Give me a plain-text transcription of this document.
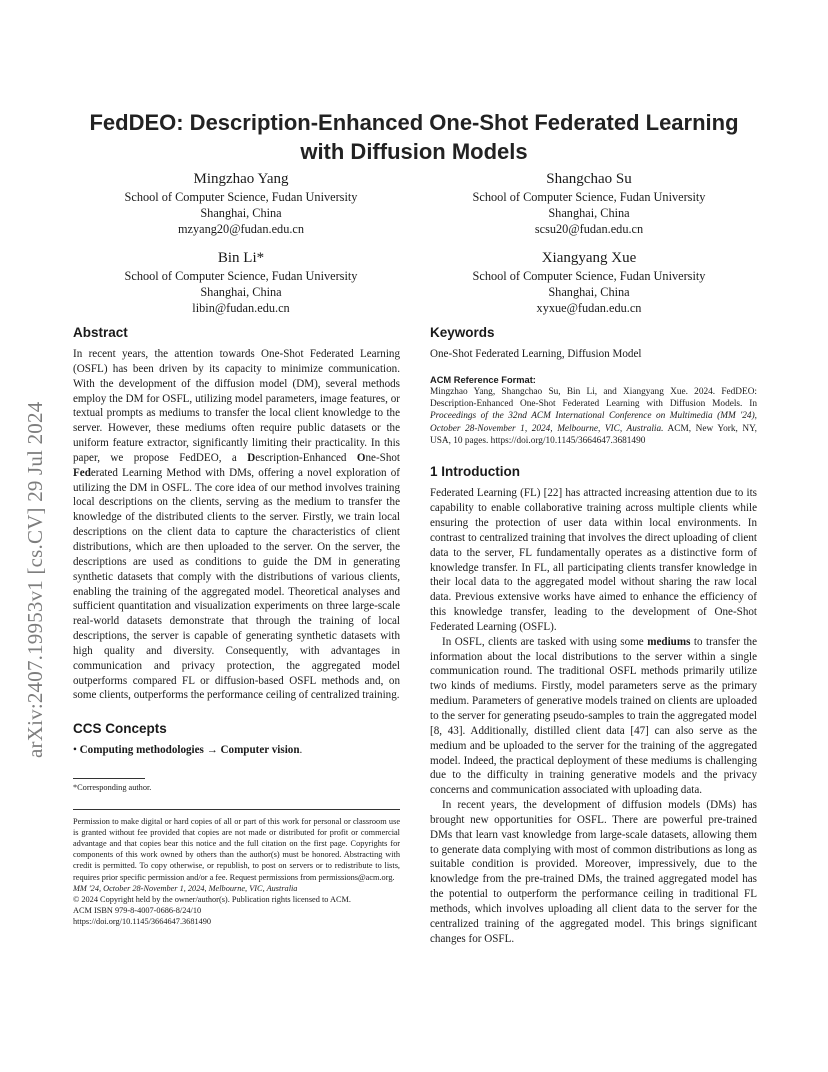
arXiv:2407.19953v1 [cs.CV] 29 Jul 2024
FedDEO: Description-Enhanced One-Shot Federated Learning
with Diffusion Models
Mingzhao Yang
School of Computer Science, Fudan University
Shanghai, China
mzyang20@fudan.edu.cn
Shangchao Su
School of Computer Science, Fudan University
Shanghai, China
scsu20@fudan.edu.cn
Bin Li*
School of Computer Science, Fudan University
Shanghai, China
libin@fudan.edu.cn
Xiangyang Xue
School of Computer Science, Fudan University
Shanghai, China
xyxue@fudan.edu.cn
Abstract

In recent years, the attention towards One-Shot Federated Learning (OSFL) has been driven by its capacity to minimize communication. With the development of the diffusion model (DM), several methods employ the DM for OSFL, utilizing model parameters, image features, or textual prompts as mediums to transfer the local client knowledge to the server. However, these mediums often require public datasets or the uniform feature extractor, significantly limiting their practicality. In this paper, we propose FedDEO, a Description-Enhanced One-Shot Federated Learning Method with DMs, offering a novel exploration of utilizing the DM in OSFL. The core idea of our method involves training local descriptions on the clients, serving as the medium to transfer the knowledge of the distributed clients to the server. Firstly, we train local descriptions on the client data to capture the characteristics of client distributions, which are then uploaded to the server. On the server, the descriptions are used as conditions to guide the DM in generating synthetic datasets that comply with the distributions of various clients, enabling the training of the aggregated model. Theoretical analyses and sufficient quantitation and visualization experiments on three large-scale real-world datasets demonstrate that through the training of local descriptions, the server is capable of generating synthetic datasets with high quality and diversity. Consequently, with advantages in communication and privacy protection, the aggregated model outperforms compared FL or diffusion-based OSFL methods and, on some clients, outperforms the performance ceiling of centralized training.

CCS Concepts

• Computing methodologies → Computer vision.

*Corresponding author.

Permission to make digital or hard copies of all or part of this work for personal or classroom use is granted without fee provided that copies are not made or distributed for profit or commercial advantage and that copies bear this notice and the full citation on the first page. Copyrights for components of this work owned by others than the author(s) must be honored. Abstracting with credit is permitted. To copy otherwise, or republish, to post on servers or to redistribute to lists, requires prior specific permission and/or a fee. Request permissions from permissions@acm.org.

MM '24, October 28-November 1, 2024, Melbourne, VIC, Australia

© 2024 Copyright held by the owner/author(s). Publication rights licensed to ACM.

ACM ISBN 979-8-4007-0686-8/24/10

https://doi.org/10.1145/3664647.3681490

Keywords

One-Shot Federated Learning, Diffusion Model

ACM Reference Format:

Mingzhao Yang, Shangchao Su, Bin Li, and Xiangyang Xue. 2024. FedDEO: Description-Enhanced One-Shot Federated Learning with Diffusion Models. In Proceedings of the 32nd ACM International Conference on Multimedia (MM '24), October 28-November 1, 2024, Melbourne, VIC, Australia. ACM, New York, NY, USA, 10 pages. https://doi.org/10.1145/3664647.3681490

1 Introduction

Federated Learning (FL) [22] has attracted increasing attention due to its capability to enable collaborative training across multiple clients while ensuring the protection of user data within local environments. In contrast to centralized training that involves the direct uploading of client data to the server, FL fundamentally operates as a distinctive form of knowledge transfer. In FL, all participating clients transfer knowledge in their local data to the aggregated model without sharing the raw local data. Previous extensive works have aimed to enhance the efficiency of this knowledge transfer, leading to the development of One-Shot Federated Learning (OSFL).

In OSFL, clients are tasked with using some mediums to transfer the information about the local distributions to the server within a single communication round. The traditional OSFL methods primarily utilize two kinds of mediums. Firstly, model parameters serve as the primary medium. Parameters of generative models trained on clients are uploaded to the server for generating pseudo-samples to train the aggregated model [8, 43]. Additionally, distilled client data [47] can also serve as the medium and be uploaded to the server for the training of the aggregated model. Indeed, the practical deployment of these mediums is challenging due to the difficulty in training generative models and the privacy concerns and communication associated with uploading data.

In recent years, the development of diffusion models (DMs) has brought new opportunities for OSFL. There are powerful pre-trained DMs that learn vast knowledge from large-scale datasets, allowing them to generate data complying with most of common distributions as long as suitable condition is provided. Moreover, impressively, due to the knowledge from the pre-trained DMs, the trained aggregated model has the potential to outperform the performance ceiling in traditional FL methods, which involves uploading all client data to the server for the centralized training of the aggregated model. This brings significant changes for OSFL.
